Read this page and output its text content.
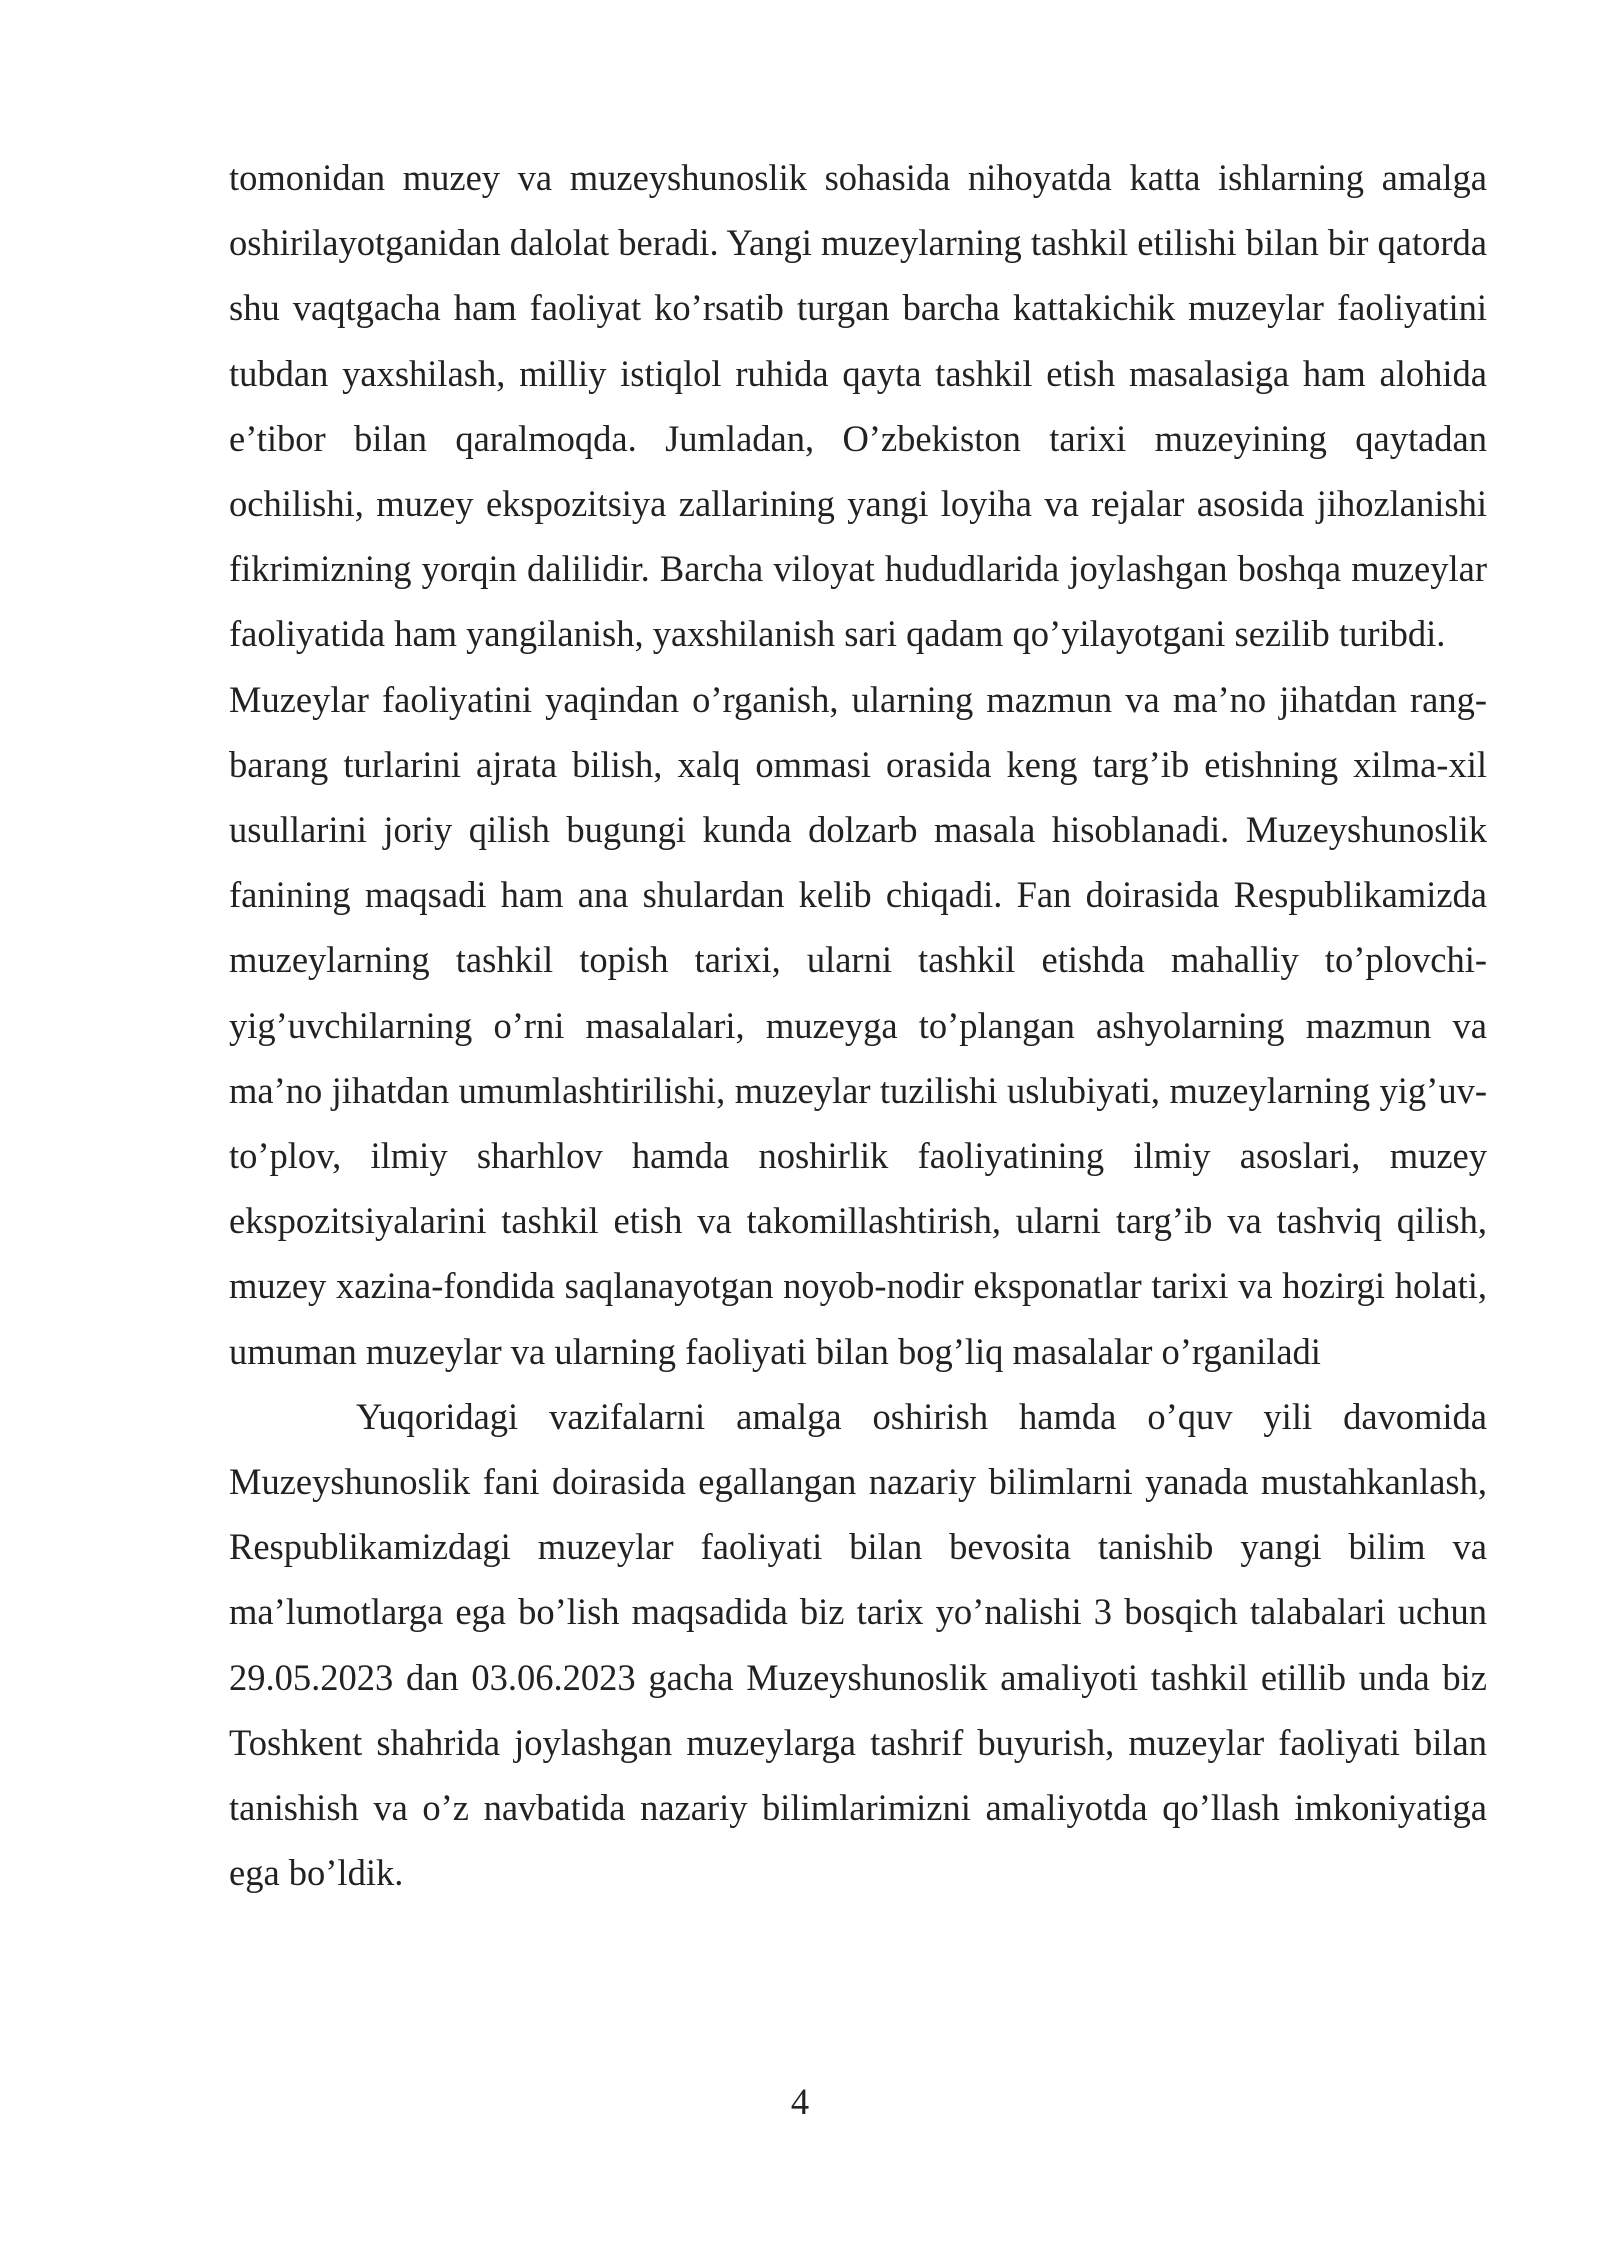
tomonidan muzey va muzeyshunoslik sohasida nihoyatda katta ishlarning amalga oshirilayotganidan dalolat beradi. Yangi muzeylarning tashkil etilishi bilan bir qatorda shu vaqtgacha ham faoliyat ko’rsatib turgan barcha kattakichik muzeylar faoliyatini tubdan yaxshilash, milliy istiqlol ruhida qayta tashkil etish masalasiga ham alohida e’tibor bilan qaralmoqda. Jumladan, O’zbekiston tarixi muzeyining qaytadan ochilishi, muzey ekspozitsiya zallarining yangi loyiha va rejalar asosida jihozlanishi fikrimizning yorqin dalilidir. Barcha viloyat hududlarida joylashgan boshqa muzeylar faoliyatida ham yangilanish, yaxshilanish sari qadam qo’yilayotgani sezilib turibdi.

Muzeylar faoliyatini yaqindan o’rganish, ularning mazmun va ma’no jihatdan rang-barang turlarini ajrata bilish, xalq ommasi orasida keng targ’ib etishning xilma-xil usullarini joriy qilish bugungi kunda dolzarb masala hisoblanadi. Muzeyshunoslik fanining maqsadi ham ana shulardan kelib chiqadi. Fan doirasida Respublikamizda muzeylarning tashkil topish tarixi, ularni tashkil etishda mahalliy to’plovchi-yig’uvchilarning o’rni masalalari, muzeyga to’plangan ashyolarning mazmun va ma’no jihatdan umumlashtirilishi, muzeylar tuzilishi uslubiyati, muzeylarning yig’uv-to’plov, ilmiy sharhlov hamda noshirlik faoliyatining ilmiy asoslari, muzey ekspozitsiyalarini tashkil etish va takomillashtirish, ularni targ’ib va tashviq qilish, muzey xazina-fondida saqlanayotgan noyob-nodir eksponatlar tarixi va hozirgi holati, umuman muzeylar va ularning faoliyati bilan bog’liq masalalar o’rganiladi

Yuqoridagi vazifalarni amalga oshirish hamda o’quv yili davomida Muzeyshunoslik fani doirasida egallangan nazariy bilimlarni yanada mustahkanlash, Respublikamizdagi muzeylar faoliyati bilan bevosita tanishib yangi bilim va ma’lumotlarga ega bo’lish maqsadida biz tarix yo’nalishi 3 bosqich talabalari uchun 29.05.2023 dan 03.06.2023 gacha Muzeyshunoslik amaliyoti tashkil etillib unda biz Toshkent shahrida joylashgan muzeylarga tashrif buyurish, muzeylar faoliyati bilan tanishish va o’z navbatida nazariy bilimlarimizni amaliyotda qo’llash imkoniyatiga ega bo’ldik.

4
